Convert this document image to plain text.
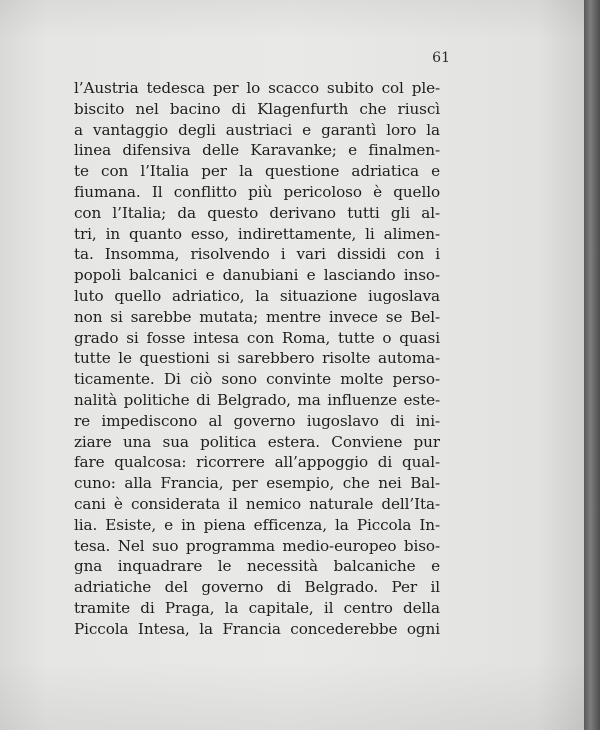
61
l’Austria tedesca per lo scacco subito col ple-
biscito nel bacino di Klagenfurth che riuscì
a vantaggio degli austriaci e garantì loro la
linea difensiva delle Karavanke; e finalmen-
te con l’Italia per la questione adriatica e
fiumana. Il conflitto più pericoloso è quello
con l’Italia; da questo derivano tutti gli al-
tri, in quanto esso, indirettamente, li alimen-
ta. Insomma, risolvendo i vari dissidi con i
popoli balcanici e danubiani e lasciando inso-
luto quello adriatico, la situazione iugoslava
non si sarebbe mutata; mentre invece se Bel-
grado si fosse intesa con Roma, tutte o quasi
tutte le questioni si sarebbero risolte automa-
ticamente. Di ciò sono convinte molte perso-
nalità politiche di Belgrado, ma influenze este-
re impediscono al governo iugoslavo di ini-
ziare una sua politica estera. Conviene pur
fare qualcosa: ricorrere all’appoggio di qual-
cuno: alla Francia, per esempio, che nei Bal-
cani è considerata il nemico naturale dell’Ita-
lia. Esiste, e in piena efficenza, la Piccola In-
tesa. Nel suo programma medio-europeo biso-
gna inquadrare le necessità balcaniche e
adriatiche del governo di Belgrado. Per il
tramite di Praga, la capitale, il centro della
Piccola Intesa, la Francia concederebbe ogni
